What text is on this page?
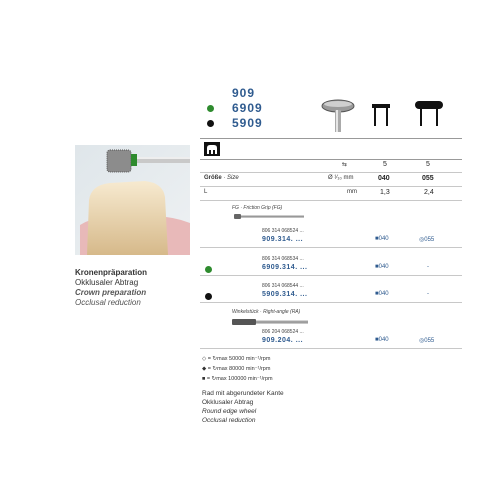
Kronenpräparation
Okklusaler Abtrag
Crown preparation
Occlusal reduction
909
6909
5909
⇆	5	5
Größe · Size	Ø ¹⁄₁₀ mm	040	055
L	mm	1,3	2,4
FG · Friction Grip (FG)
806 314 068524 ...
909.314. ...	■040	◎055
806 314 068534 ...
6909.314. ...	■040	-
806 314 068544 ...
5909.314. ...	■040	-
Winkelstück · Right-angle (RA)
806 204 068524 ...
909.204. ...	■040	◎055
◇ = ↻max 50000 min⁻¹/rpm
◆ = ↻max 80000 min⁻¹/rpm
■ = ↻max 100000 min⁻¹/rpm
Rad mit abgerundeter Kante
Okklusaler Abtrag
Round edge wheel
Occlusal reduction
